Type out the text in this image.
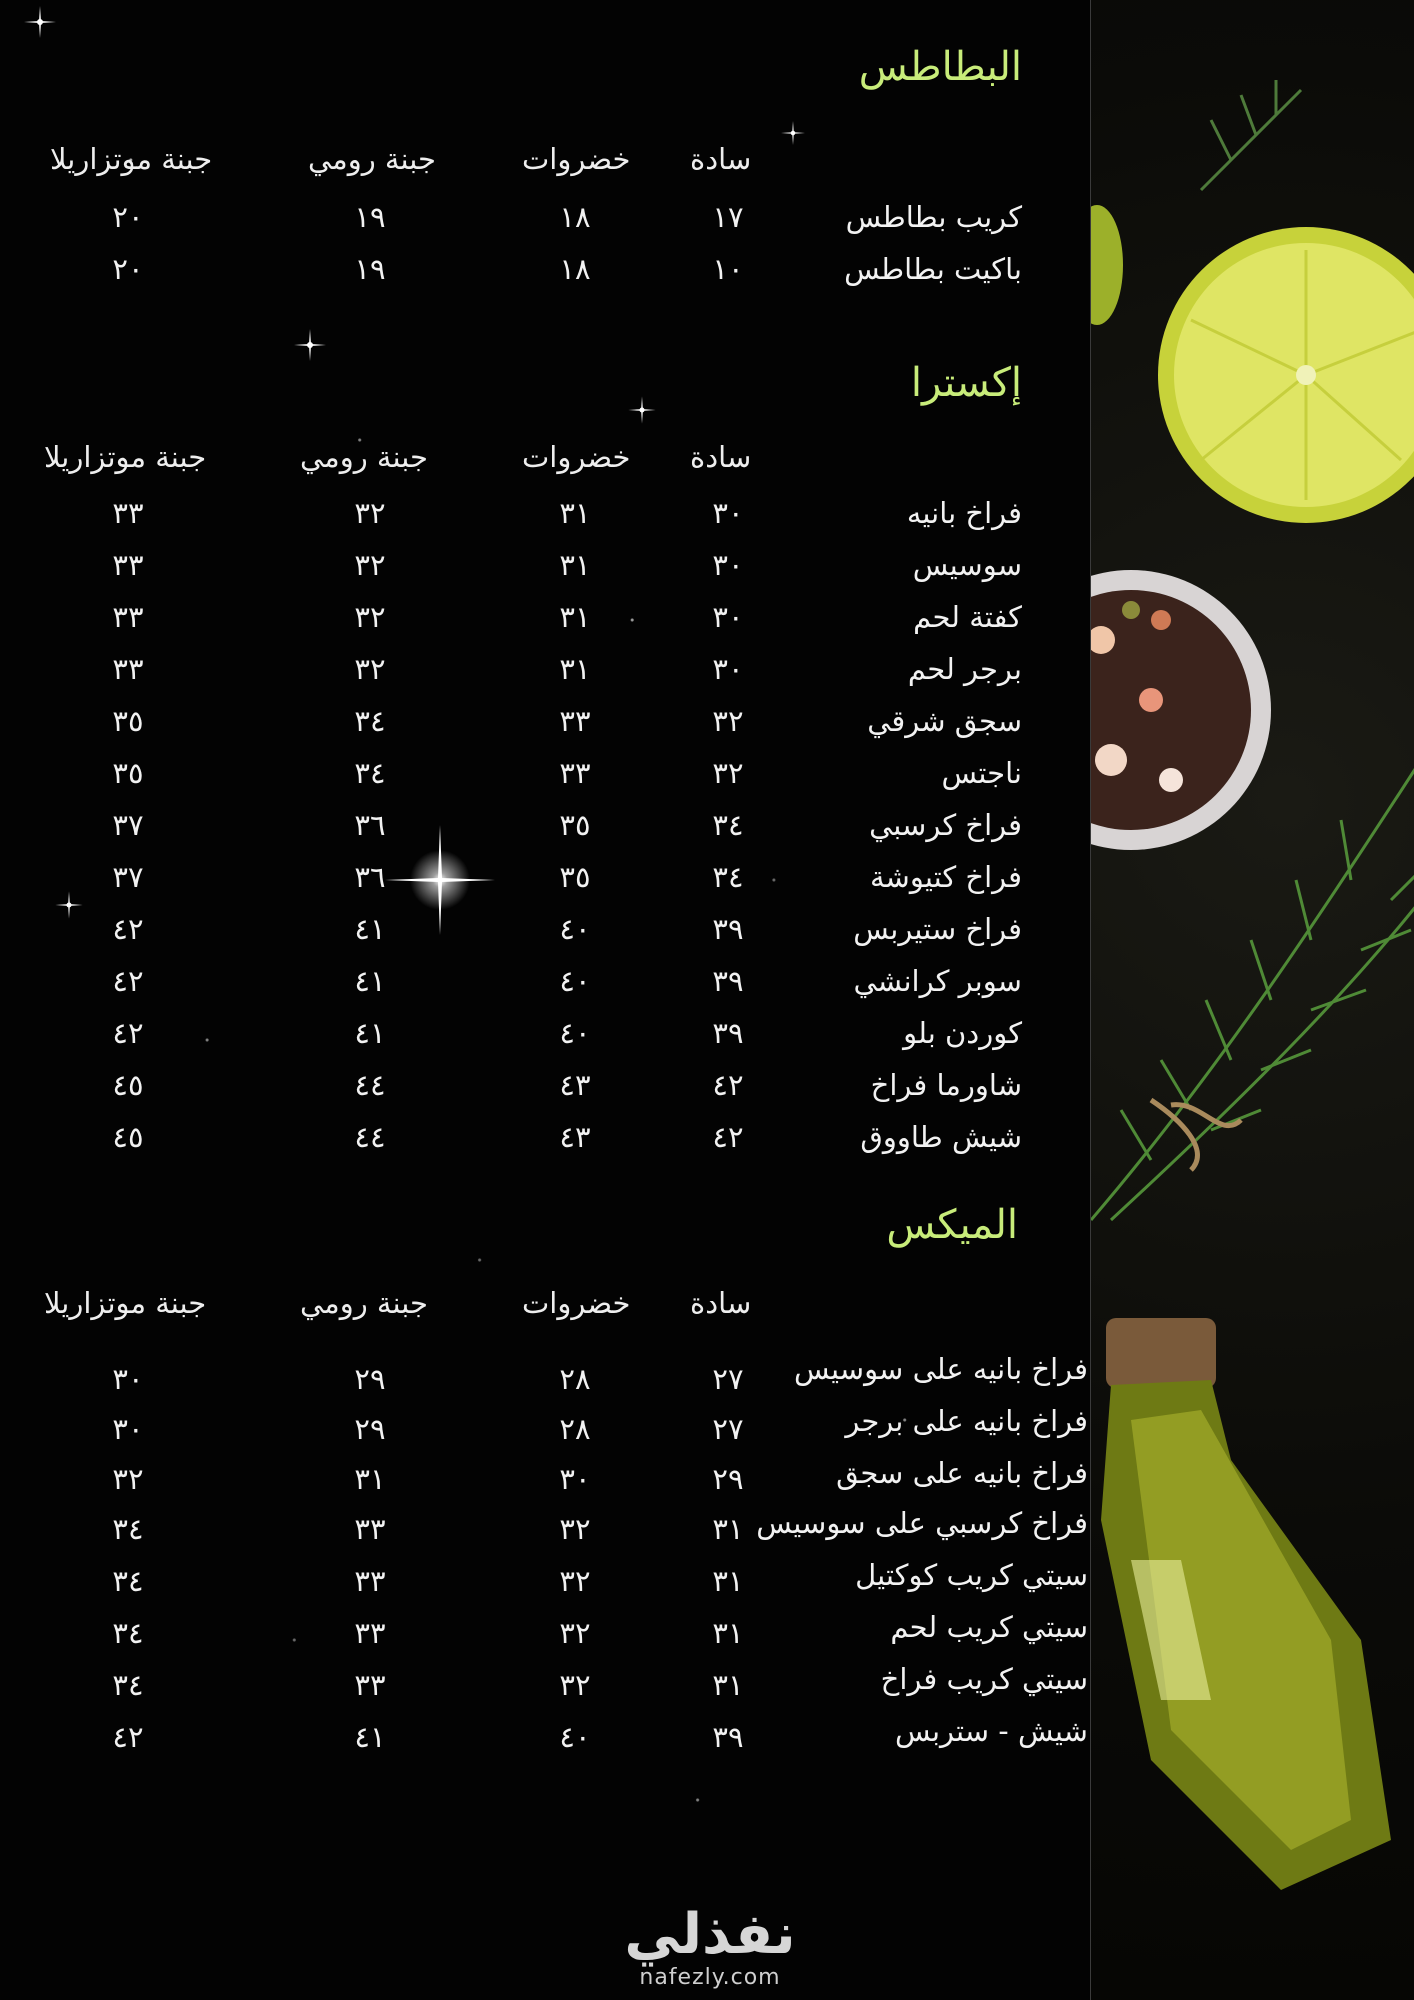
البطاطس
سادة
خضروات
جبنة رومي
جبنة موتزاريلا
كريب بطاطس
١٧
١٨
١٩
٢٠
باكيت بطاطس
١٠
١٨
١٩
٢٠
إكسترا
سادة
خضروات
جبنة رومي
جبنة موتزاريلا
فراخ بانيه
٣٠
٣١
٣٢
٣٣
سوسيس
٣٠
٣١
٣٢
٣٣
كفتة لحم
٣٠
٣١
٣٢
٣٣
برجر لحم
٣٠
٣١
٣٢
٣٣
سجق شرقي
٣٢
٣٣
٣٤
٣٥
ناجتس
٣٢
٣٣
٣٤
٣٥
فراخ كرسبي
٣٤
٣٥
٣٦
٣٧
فراخ كتيوشة
٣٤
٣٥
٣٦
٣٧
فراخ ستيربس
٣٩
٤٠
٤١
٤٢
سوبر كرانشي
٣٩
٤٠
٤١
٤٢
كوردن بلو
٣٩
٤٠
٤١
٤٢
شاورما فراخ
٤٢
٤٣
٤٤
٤٥
شيش طاووق
٤٢
٤٣
٤٤
٤٥
الميكس
سادة
خضروات
جبنة رومي
جبنة موتزاريلا
فراخ بانيه على سوسيس
٢٧
٢٨
٢٩
٣٠
فراخ بانيه على برجر
٢٧
٢٨
٢٩
٣٠
فراخ بانيه على سجق
٢٩
٣٠
٣١
٣٢
فراخ كرسبي على سوسيس
٣١
٣٢
٣٣
٣٤
سيتي كريب كوكتيل
٣١
٣٢
٣٣
٣٤
سيتي كريب لحم
٣١
٣٢
٣٣
٣٤
سيتي كريب فراخ
٣١
٣٢
٣٣
٣٤
شيش - ستربس
٣٩
٤٠
٤١
٤٢
نفذلي
nafezly.com
